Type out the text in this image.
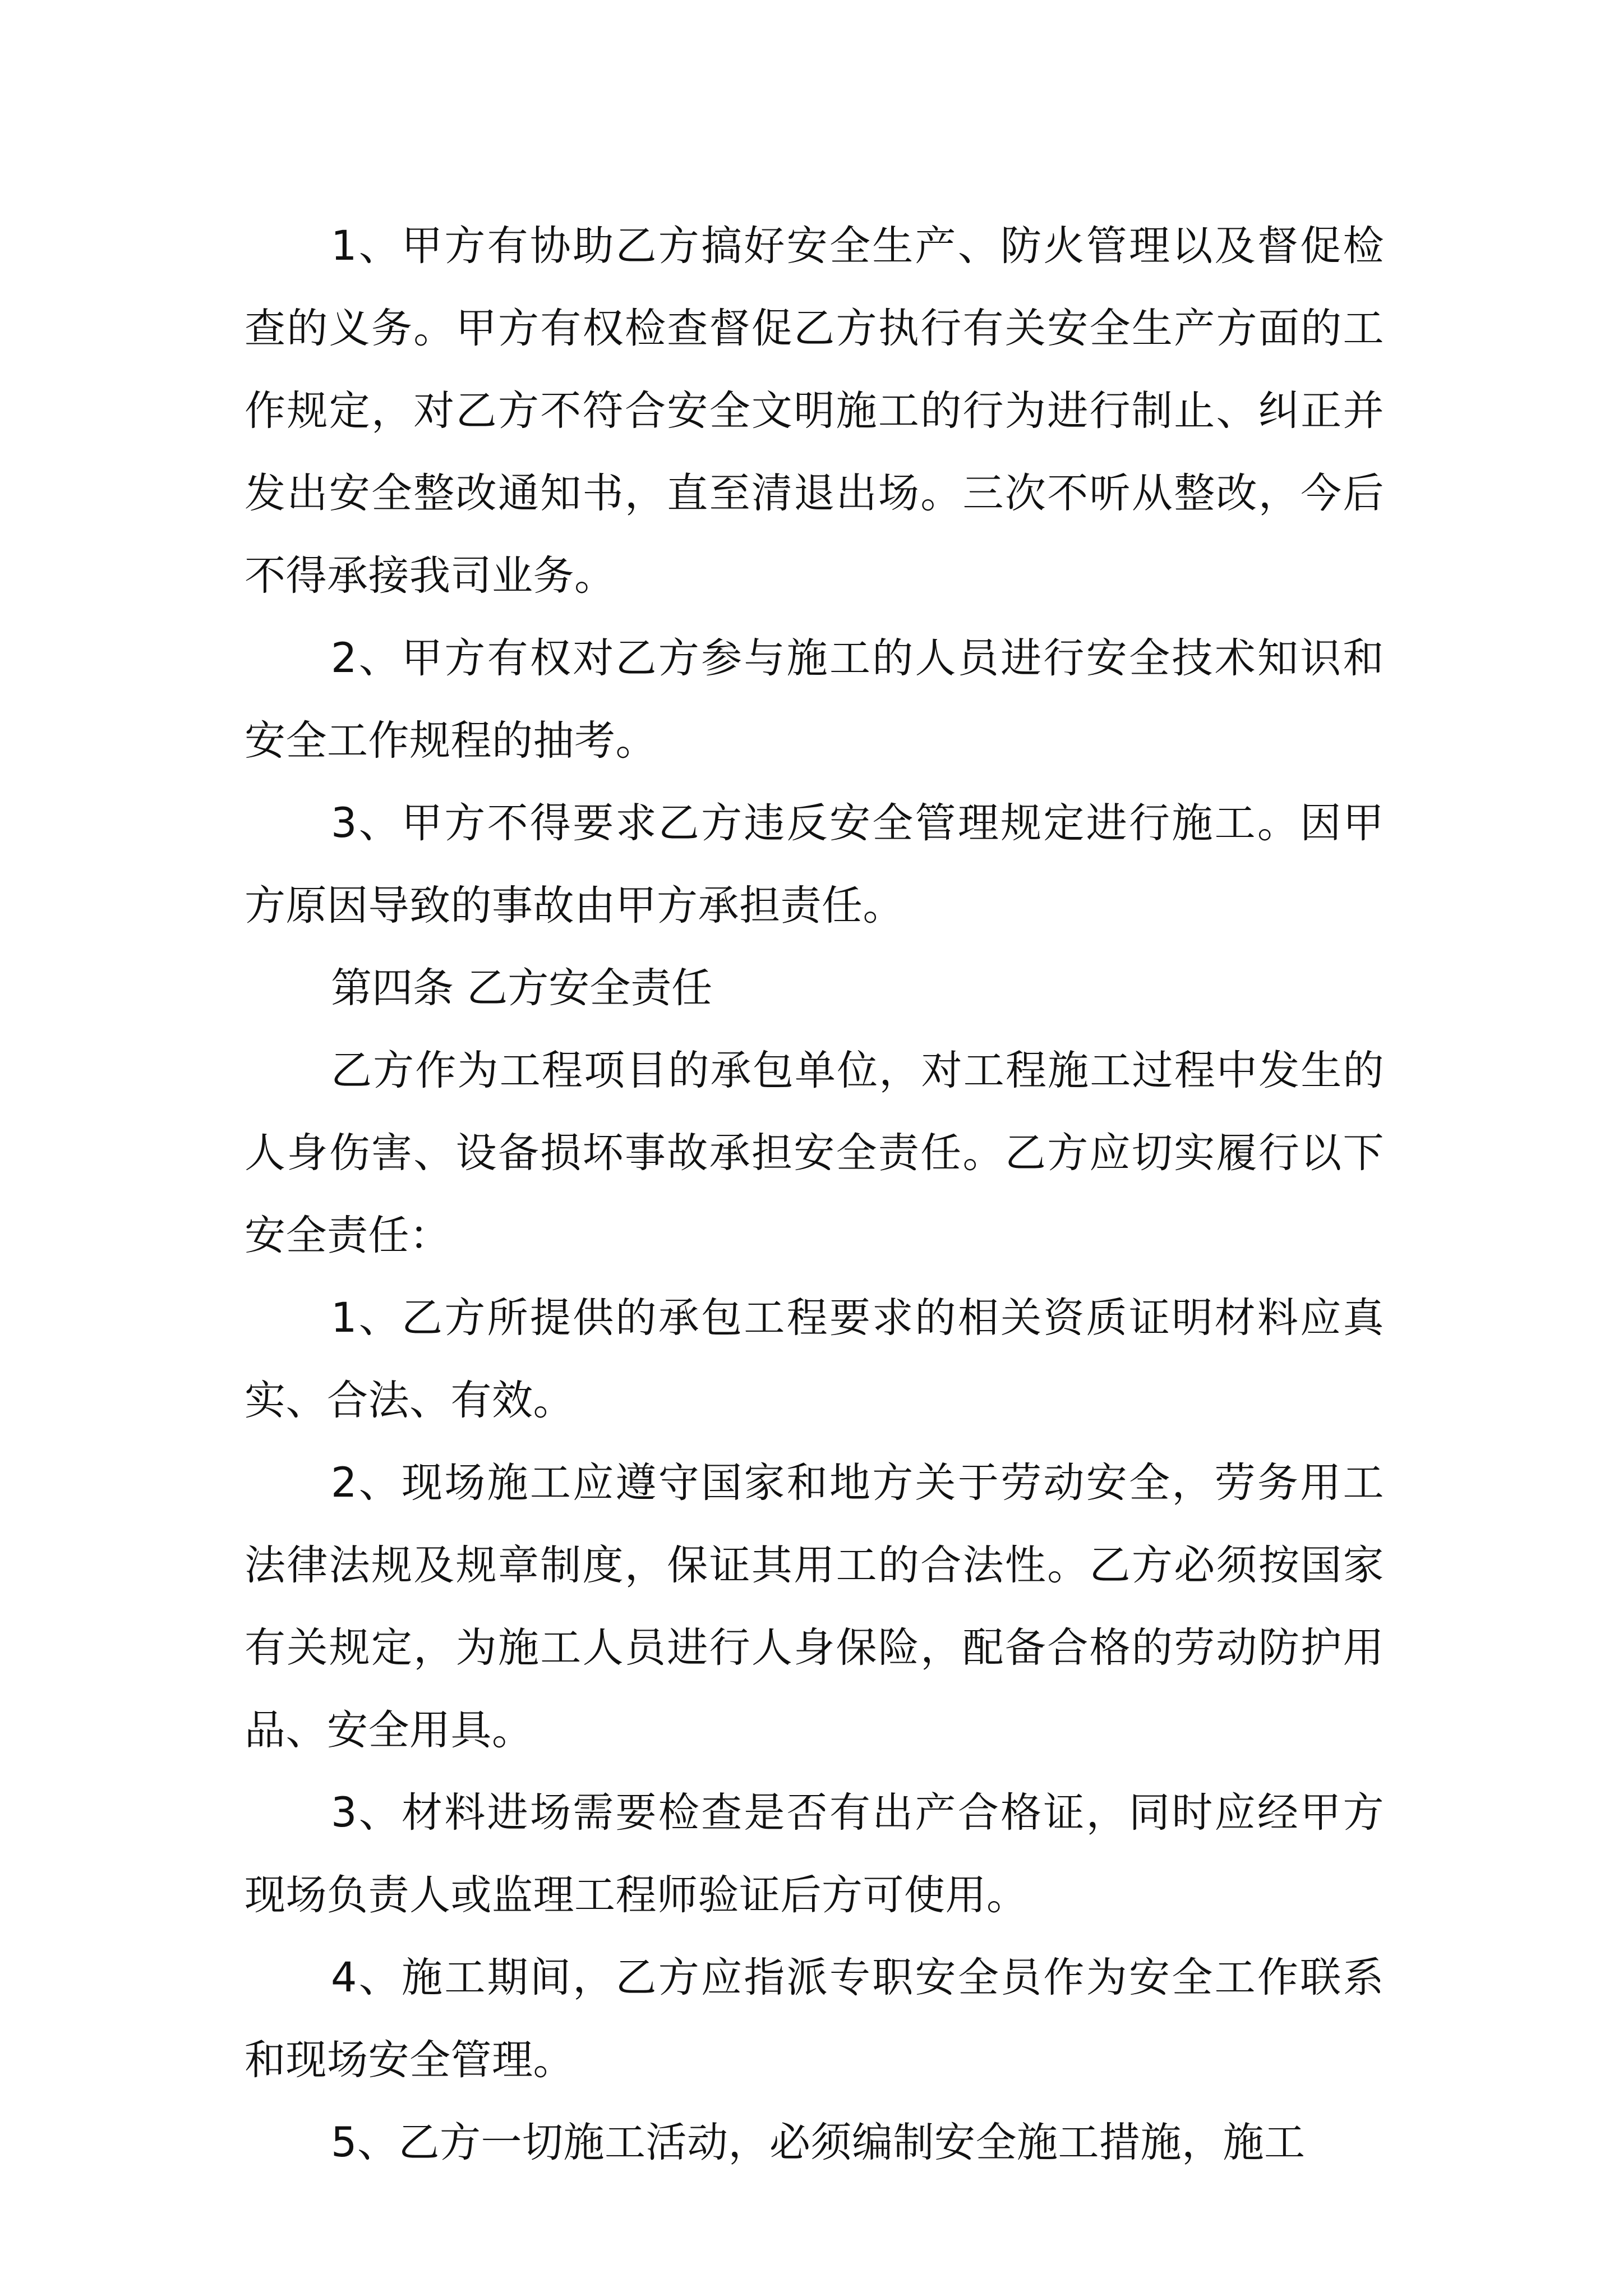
1、甲方有协助乙方搞好安全生产、防火管理以及督促检查的义务。甲方有权检查督促乙方执行有关安全生产方面的工作规定，对乙方不符合安全文明施工的行为进行制止、纠正并发出安全整改通知书，直至清退出场。三次不听从整改，今后不得承接我司业务。

2、甲方有权对乙方参与施工的人员进行安全技术知识和安全工作规程的抽考。

3、甲方不得要求乙方违反安全管理规定进行施工。因甲方原因导致的事故由甲方承担责任。

第四条 乙方安全责任

乙方作为工程项目的承包单位，对工程施工过程中发生的人身伤害、设备损坏事故承担安全责任。乙方应切实履行以下安全责任：

1、乙方所提供的承包工程要求的相关资质证明材料应真实、合法、有效。

2、现场施工应遵守国家和地方关于劳动安全，劳务用工法律法规及规章制度，保证其用工的合法性。乙方必须按国家有关规定，为施工人员进行人身保险，配备合格的劳动防护用品、安全用具。

3、材料进场需要检查是否有出产合格证，同时应经甲方现场负责人或监理工程师验证后方可使用。

4、施工期间，乙方应指派专职安全员作为安全工作联系和现场安全管理。

5、乙方一切施工活动，必须编制安全施工措施，施工
